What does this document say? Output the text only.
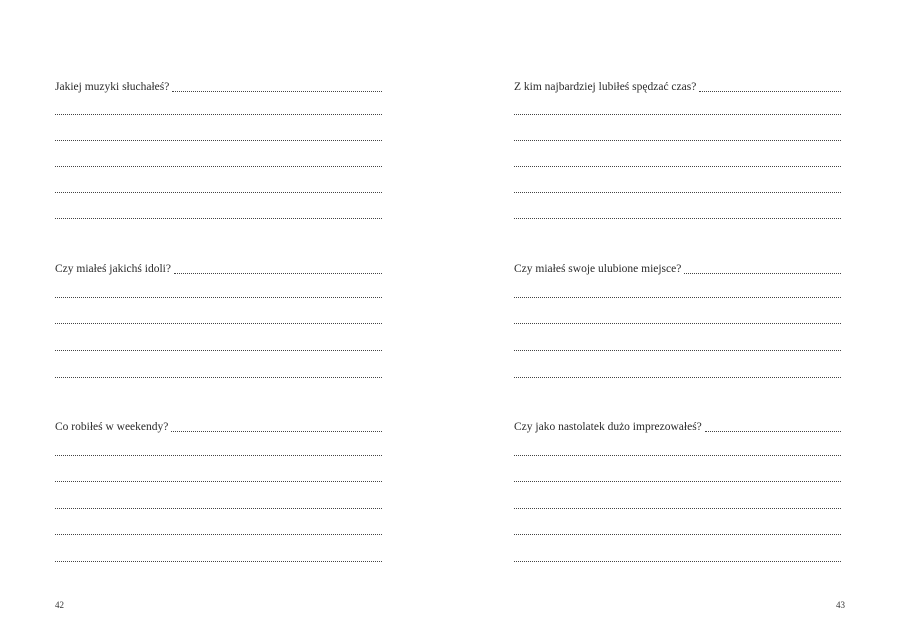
Jakiej muzyki słuchałeś?
Czy miałeś jakichś idoli?
Co robiłeś w weekendy?
42
Z kim najbardziej lubiłeś spędzać czas?
Czy miałeś swoje ulubione miejsce?
Czy jako nastolatek dużo imprezowałeś?
43
